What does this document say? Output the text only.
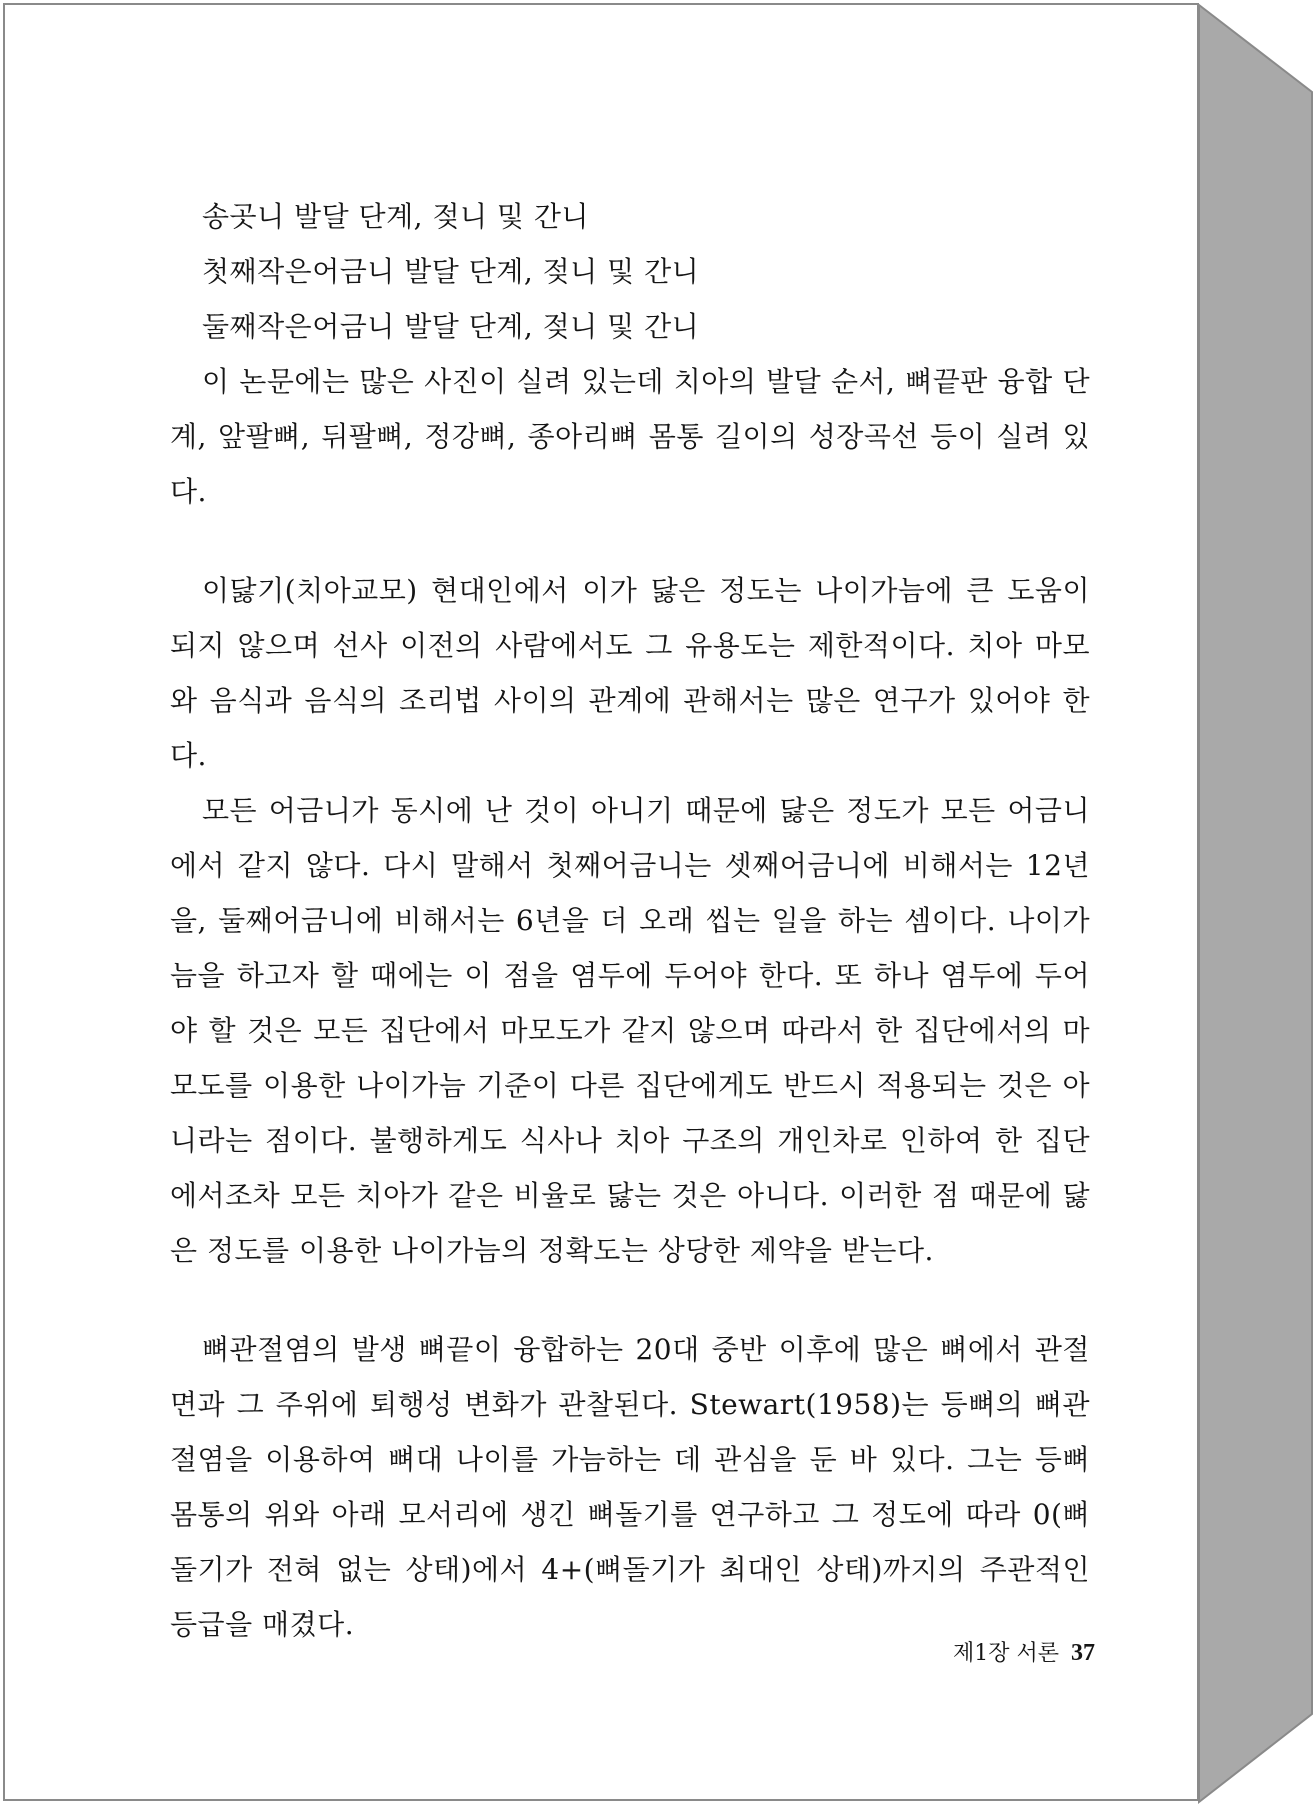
송곳니 발달 단계, 젖니 및 간니

첫째작은어금니 발달 단계, 젖니 및 간니

둘째작은어금니 발달 단계, 젖니 및 간니

이 논문에는 많은 사진이 실려 있는데 치아의 발달 순서, 뼈끝판 융합 단계, 앞팔뼈, 뒤팔뼈, 정강뼈, 종아리뼈 몸통 길이의 성장곡선 등이 실려 있다.

이닳기(치아교모) 현대인에서 이가 닳은 정도는 나이가늠에 큰 도움이 되지 않으며 선사 이전의 사람에서도 그 유용도는 제한적이다. 치아 마모와 음식과 음식의 조리법 사이의 관계에 관해서는 많은 연구가 있어야 한다.

모든 어금니가 동시에 난 것이 아니기 때문에 닳은 정도가 모든 어금니에서 같지 않다. 다시 말해서 첫째어금니는 셋째어금니에 비해서는 12년을, 둘째어금니에 비해서는 6년을 더 오래 씹는 일을 하는 셈이다. 나이가늠을 하고자 할 때에는 이 점을 염두에 두어야 한다. 또 하나 염두에 두어야 할 것은 모든 집단에서 마모도가 같지 않으며 따라서 한 집단에서의 마모도를 이용한 나이가늠 기준이 다른 집단에게도 반드시 적용되는 것은 아니라는 점이다. 불행하게도 식사나 치아 구조의 개인차로 인하여 한 집단에서조차 모든 치아가 같은 비율로 닳는 것은 아니다. 이러한 점 때문에 닳은 정도를 이용한 나이가늠의 정확도는 상당한 제약을 받는다.

뼈관절염의 발생 뼈끝이 융합하는 20대 중반 이후에 많은 뼈에서 관절면과 그 주위에 퇴행성 변화가 관찰된다. Stewart(1958)는 등뼈의 뼈관절염을 이용하여 뼈대 나이를 가늠하는 데 관심을 둔 바 있다. 그는 등뼈 몸통의 위와 아래 모서리에 생긴 뼈돌기를 연구하고 그 정도에 따라 0(뼈돌기가 전혀 없는 상태)에서 4+(뼈돌기가 최대인 상태)까지의 주관적인 등급을 매겼다.

제1장 서론 37
